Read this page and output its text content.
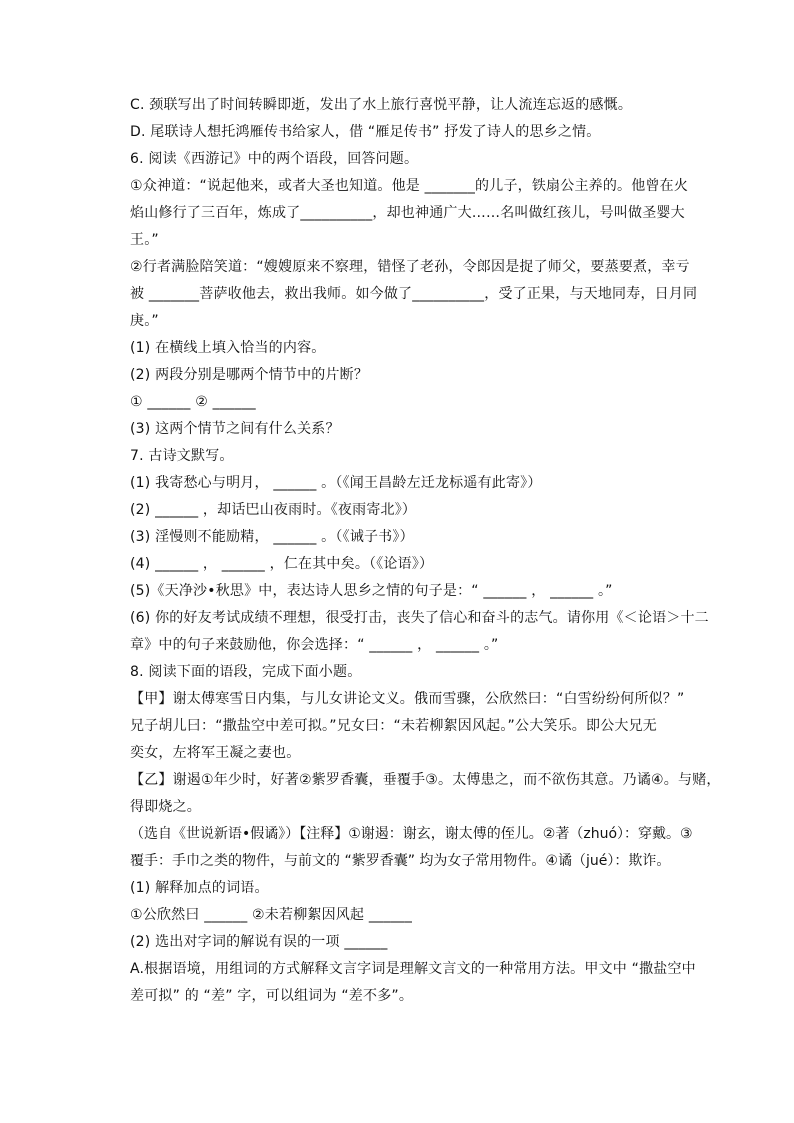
C. 颈联写出了时间转瞬即逝，发出了水上旅行喜悦平静，让人流连忘返的感慨。
D. 尾联诗人想托鸿雁传书给家人，借 “雁足传书” 抒发了诗人的思乡之情。
6. 阅读《西游记》中的两个语段，回答问题。
①众神道：“说起他来，或者大圣也知道。他是 _______的儿子，铁扇公主养的。他曾在火
焰山修行了三百年，炼成了__________，却也神通广大……名叫做红孩儿，号叫做圣婴大
王。”
②行者满脸陪笑道：“嫂嫂原来不察理，错怪了老孙，令郎因是捉了师父，要蒸要煮，幸亏
被 _______菩萨收他去，救出我师。如今做了__________，受了正果，与天地同寿，日月同
庚。”
(1) 在横线上填入恰当的内容。
(2) 两段分别是哪两个情节中的片断？
① ______ ② ______
(3) 这两个情节之间有什么关系？
7. 古诗文默写。
(1) 我寄愁心与明月， ______ 。（《闻王昌龄左迁龙标遥有此寄》）
(2) ______ ，却话巴山夜雨时。《夜雨寄北》）
(3) 淫慢则不能励精， ______ 。（《诫子书》）
(4) ______ ， ______ ，仁在其中矣。（《论语》）
(5)《天净沙•秋思》中，表达诗人思乡之情的句子是：“ ______ ， ______ 。”
(6) 你的好友考试成绩不理想，很受打击，丧失了信心和奋斗的志气。请你用《＜论语＞十二
章》中的句子来鼓励他，你会选择：“ ______ ， ______ 。”
8. 阅读下面的语段，完成下面小题。
【甲】谢太傅寒雪日内集，与儿女讲论文义。俄而雪骤，公欣然曰：“白雪纷纷何所似？”
兄子胡儿曰：“撒盐空中差可拟。”兄女曰：“未若柳絮因风起。”公大笑乐。即公大兄无
奕女，左将军王凝之妻也。
【乙】谢遏①年少时，好著②紫罗香囊，垂覆手③。太傅患之，而不欲伤其意。乃谲④。与赌，
得即烧之。
（选自《世说新语•假谲》）【注释】①谢遏：谢玄，谢太傅的侄儿。②著（zhuó）：穿戴。③
覆手：手巾之类的物件，与前文的 “紫罗香囊” 均为女子常用物件。④谲（jué）：欺诈。
(1) 解释加点的词语。
①公欣然曰 ______ ②未若柳絮因风起 ______
(2) 选出对字词的解说有误的一项 ______
A.根据语境，用组词的方式解释文言字词是理解文言文的一种常用方法。甲文中 “撒盐空中
差可拟” 的 “差” 字，可以组词为 “差不多”。
